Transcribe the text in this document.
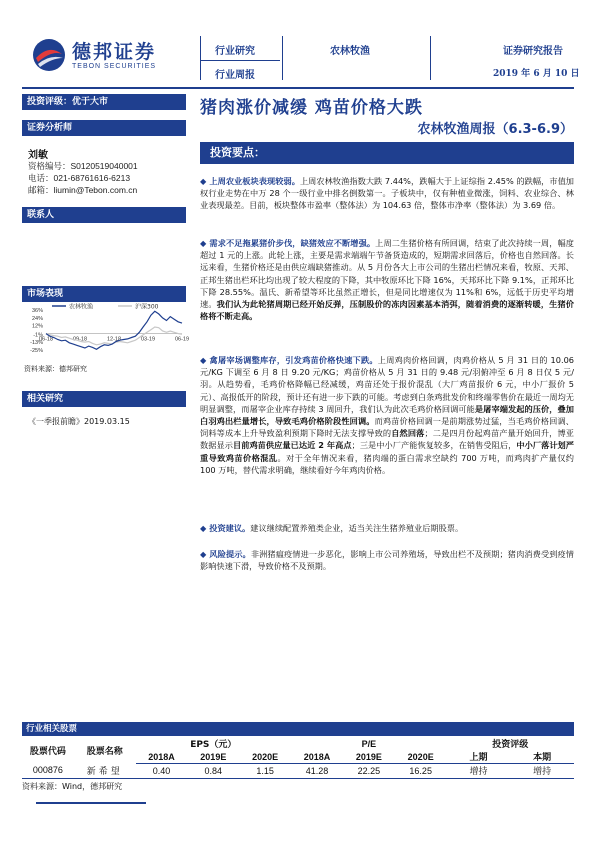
德邦证券
TEBON SECURITIES
行业研究
行业周报
农林牧渔	证券研究报告
2019 年 6 月 10 日
投资评级：优于大市
证券分析师
刘敏
资格编号：S0120519040001
电话：021-68761616-6213
邮箱：liumin@Tebon.com.cn
联系人
市场表现
农林牧渔	沪深300
36%
24%
12%
-1%
-13%
-25%
06-18	09-18	12-18	03-19	06-19
资料来源：德邦研究
相关研究
《一季报前瞻》2019.03.15
猪肉涨价减缓 鸡苗价格大跌
农林牧渔周报（6.3-6.9）
投资要点：
◆ 上周农业板块表现较弱。上周农林牧渔指数大跌 7.44%，跌幅大于上证综指 2.45% 的跌幅，市值加权行业走势在中万 28 个一级行业中排名倒数第一。子板块中，仅有种植业微涨，饲料、农业综合、林业表现最差。目前，板块整体市盈率（整体法）为 104.63 倍，整体市净率（整体法）为 3.69 倍。
◆ 需求不足拖累猪价步伐，缺猪效应不断增强。上周二生猪价格有所回调，结束了此次持续一周，幅度超过 1 元的上涨。此轮上涨，主要是需求端端午节备货造成的，短期需求回落后，价格也自然回落。长远来看，生猪价格还是由供应端缺猪推动。从 5 月份各大上市公司的生猪出栏情况来看，牧原、天邦、正邦生猪出栏环比均出现了较大程度的下降，其中牧原环比下降 16%，天邦环比下降 9.1%，正邦环比下降 28.55%。温氏、新希望等环比虽然正增长，但是同比增速仅为 11%和 6%，远低于历史平均增速。我们认为此轮猪周期已经开始反弹，压制股价的冻肉因素基本消弭，随着消费的逐渐转暖，生猪价格将不断走高。
◆ 禽屠宰场调整库存，引发鸡苗价格快速下跌。上周鸡肉价格回调，肉鸡价格从 5 月 31 日的 10.06 元/KG 下调至 6 月 8 日 9.20 元/KG；鸡苗价格从 5 月 31 日的 9.48 元/羽俯冲至 6 月 8 日仅 5 元/羽。从趋势看，毛鸡价格降幅已经减缓，鸡苗还处于报价混乱（大厂鸡苗报价 6 元，中小厂报价 5 元）、高报低开的阶段，预计还有进一步下跌的可能。考虑到白条鸡批发价和终端零售价在最近一周均无明显调整，而屠宰企业库存持续 3 周回升，我们认为此次毛鸡价格回调可能是屠宰端发起的压价，叠加白羽鸡出栏量增长，导致毛鸡价格阶段性回调。而鸡苗价格回调一是前期涨势过猛，当毛鸡价格回调、饲料等成本上升导致盈利预期下降时无法支撑导致的自然回落；二是四月份起鸡苗产量开始回升，博亚数据显示目前鸡苗供应量已达近 2 年高点；三是中小厂产能恢复较多，在销售受阻后，中小厂落计划严重导致鸡苗价格混乱。对于全年情况来看，猪肉端的蛋白需求空缺约 700 万吨，而鸡肉扩产量仅约 100 万吨，替代需求明确，继续看好今年鸡肉价格。
◆ 投资建议。建议继续配置养殖类企业，适当关注生猪养殖业后期股票。
◆ 风险提示。非洲猪瘟疫情进一步恶化，影响上市公司养殖场，导致出栏不及预期；猪肉消费受到疫情影响快速下滑，导致价格不及预期。
行业相关股票
股票代码	股票名称	EPS（元）			P/E			投资评级	
		2018A	2019E	2020E	2018A	2019E	2020E	上期	本期
000876	新希望	0.40	0.84	1.15	41.28	22.25	16.25	增持	增持
资料来源：Wind，德邦研究
